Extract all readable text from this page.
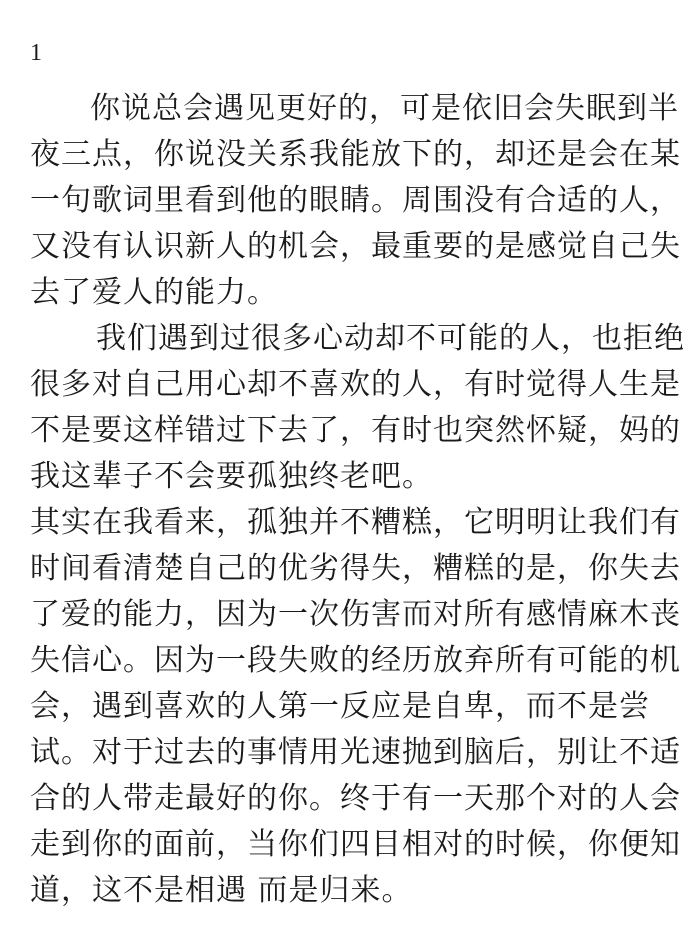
1
你说总会遇见更好的，可是依旧会失眠到半
夜三点，你说没关系我能放下的，却还是会在某
一句歌词里看到他的眼睛。周围没有合适的人，
又没有认识新人的机会，最重要的是感觉自己失
去了爱人的能力。
我们遇到过很多心动却不可能的人，也拒绝
很多对自己用心却不喜欢的人，有时觉得人生是
不是要这样错过下去了，有时也突然怀疑，妈的
我这辈子不会要孤独终老吧。
其实在我看来，孤独并不糟糕，它明明让我们有
时间看清楚自己的优劣得失，糟糕的是，你失去
了爱的能力，因为一次伤害而对所有感情麻木丧
失信心。因为一段失败的经历放弃所有可能的机
会，遇到喜欢的人第一反应是自卑，而不是尝
试。对于过去的事情用光速抛到脑后，别让不适
合的人带走最好的你。终于有一天那个对的人会
走到你的面前，当你们四目相对的时候，你便知
道，这不是相遇 而是归来。
